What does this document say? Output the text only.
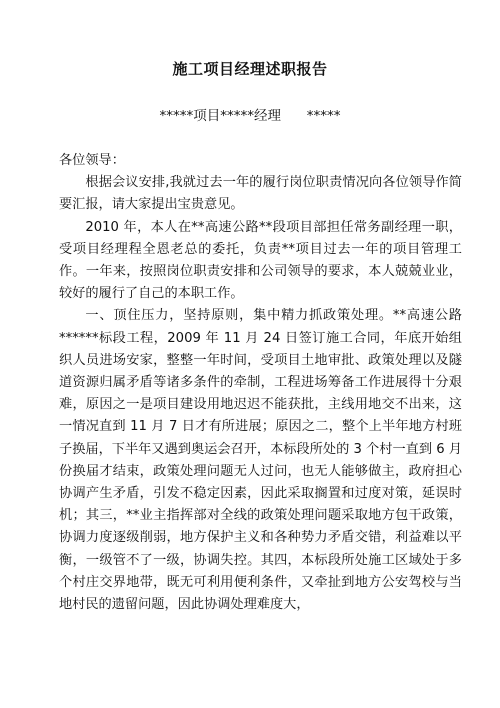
施工项目经理述职报告
*****项目*****经理      *****

各位领导：

根据会议安排,我就过去一年的履行岗位职责情况向各位领导作简要汇报，请大家提出宝贵意见。

2010 年，本人在**高速公路**段项目部担任常务副经理一职，受项目经理程全恩老总的委托，负责**项目过去一年的项目管理工作。一年来，按照岗位职责安排和公司领导的要求，本人兢兢业业，较好的履行了自己的本职工作。

一、顶住压力，坚持原则，集中精力抓政策处理。**高速公路******标段工程，2009 年 11 月 24 日签订施工合同，年底开始组织人员进场安家，整整一年时间，受项目土地审批、政策处理以及隧道资源归属矛盾等诸多条件的牵制，工程进场筹备工作进展得十分艰难，原因之一是项目建设用地迟迟不能获批，主线用地交不出来，这一情况直到 11 月 7 日才有所进展；原因之二，整个上半年地方村班子换届，下半年又遇到奥运会召开，本标段所处的 3 个村一直到 6 月份换届才结束，政策处理问题无人过问，也无人能够做主，政府担心协调产生矛盾，引发不稳定因素，因此采取搁置和过度对策，延误时机；其三，**业主指挥部对全线的政策处理问题采取地方包干政策，协调力度逐级削弱，地方保护主义和各种势力矛盾交错，利益难以平衡，一级管不了一级，协调失控。其四，本标段所处施工区域处于多个村庄交界地带，既无可利用便利条件，又牵扯到地方公安驾校与当地村民的遗留问题，因此协调处理难度大，
